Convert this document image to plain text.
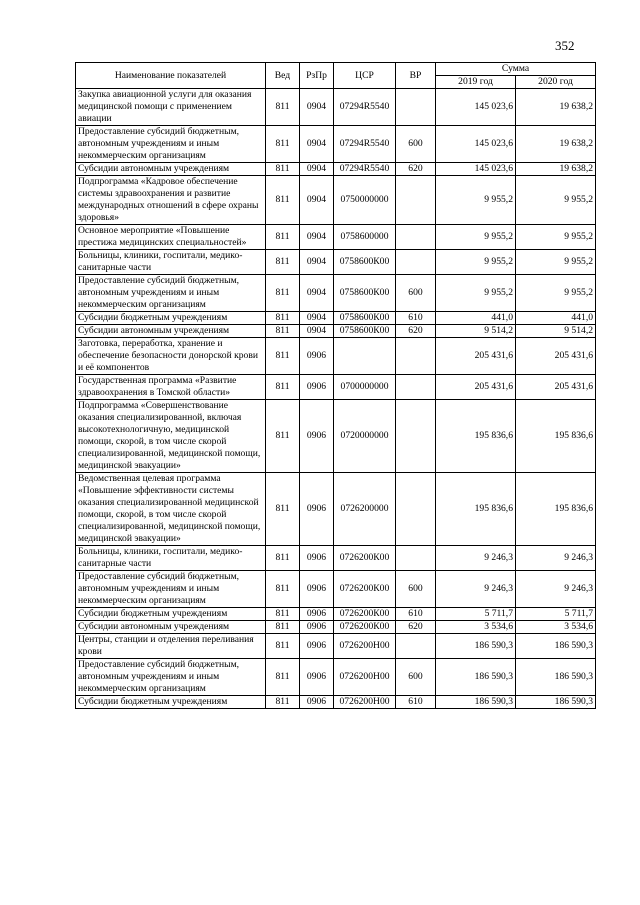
352
Наименование показателей	Вед	РзПр	ЦСР	ВР	Сумма	
					2019 год	2020 год
Закупка авиационной услуги для оказания медицинской помощи с применением авиации	811	0904	07294R5540		145 023,6	19 638,2
Предоставление субсидий бюджетным, автономным учреждениям и иным некоммерческим организациям	811	0904	07294R5540	600	145 023,6	19 638,2
Субсидии автономным учреждениям	811	0904	07294R5540	620	145 023,6	19 638,2
Подпрограмма «Кадровое обеспечение системы здравоохранения и развитие международных отношений в сфере охраны здоровья»	811	0904	0750000000		9 955,2	9 955,2
Основное мероприятие «Повышение престижа медицинских специальностей»	811	0904	0758600000		9 955,2	9 955,2
Больницы, клиники, госпитали, медико-санитарные части	811	0904	0758600К00		9 955,2	9 955,2
Предоставление субсидий бюджетным, автономным учреждениям и иным некоммерческим организациям	811	0904	0758600К00	600	9 955,2	9 955,2
Субсидии бюджетным учреждениям	811	0904	0758600К00	610	441,0	441,0
Субсидии автономным учреждениям	811	0904	0758600К00	620	9 514,2	9 514,2
Заготовка, переработка, хранение и обеспечение безопасности донорской крови и её компонентов	811	0906			205 431,6	205 431,6
Государственная программа «Развитие здравоохранения в Томской области»	811	0906	0700000000		205 431,6	205 431,6
Подпрограмма «Совершенствование оказания специализированной, включая высокотехнологичную, медицинской помощи, скорой, в том числе скорой специализированной, медицинской помощи, медицинской эвакуации»	811	0906	0720000000		195 836,6	195 836,6
Ведомственная целевая программа «Повышение эффективности системы оказания специализированной медицинской помощи, скорой, в том числе скорой специализированной, медицинской помощи, медицинской эвакуации»	811	0906	0726200000		195 836,6	195 836,6
Больницы, клиники, госпитали, медико-санитарные части	811	0906	0726200К00		9 246,3	9 246,3
Предоставление субсидий бюджетным, автономным учреждениям и иным некоммерческим организациям	811	0906	0726200К00	600	9 246,3	9 246,3
Субсидии бюджетным учреждениям	811	0906	0726200К00	610	5 711,7	5 711,7
Субсидии автономным учреждениям	811	0906	0726200К00	620	3 534,6	3 534,6
Центры, станции и отделения переливания крови	811	0906	0726200Н00		186 590,3	186 590,3
Предоставление субсидий бюджетным, автономным учреждениям и иным некоммерческим организациям	811	0906	0726200Н00	600	186 590,3	186 590,3
Субсидии бюджетным учреждениям	811	0906	0726200Н00	610	186 590,3	186 590,3
